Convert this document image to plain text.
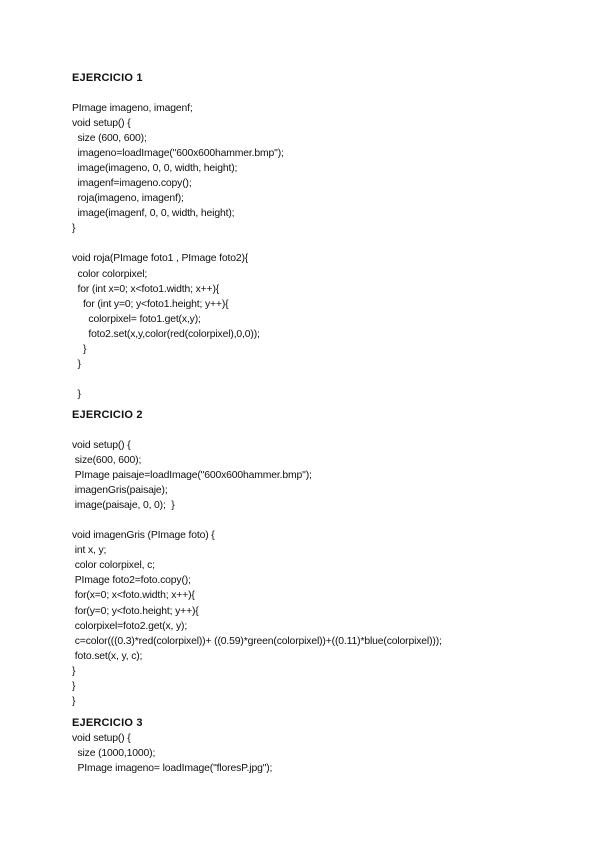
EJERCICIO 1
PImage imageno, imagenf;
void setup() {
size (600, 600);
imageno=loadImage("600x600hammer.bmp");
image(imageno, 0, 0, width, height);
imagenf=imageno.copy();
roja(imageno, imagenf);
image(imagenf, 0, 0, width, height);
}

void roja(PImage foto1 , PImage foto2){
color colorpixel;
for (int x=0; x<foto1.width; x++){
for (int y=0; y<foto1.height; y++){
colorpixel= foto1.get(x,y);
foto2.set(x,y,color(red(colorpixel),0,0));
}
}

}
EJERCICIO 2
void setup() {
size(600, 600);
PImage paisaje=loadImage("600x600hammer.bmp");
imagenGris(paisaje);
image(paisaje, 0, 0);  }

void imagenGris (PImage foto) {
int x, y;
color colorpixel, c;
PImage foto2=foto.copy();
for(x=0; x<foto.width; x++){
for(y=0; y<foto.height; y++){
colorpixel=foto2.get(x, y);
c=color(((0.3)*red(colorpixel))+ ((0.59)*green(colorpixel))+((0.11)*blue(colorpixel)));
foto.set(x, y, c);
}
}
}
EJERCICIO 3
void setup() {
size (1000,1000);
PImage imageno= loadImage("floresP.jpg");
